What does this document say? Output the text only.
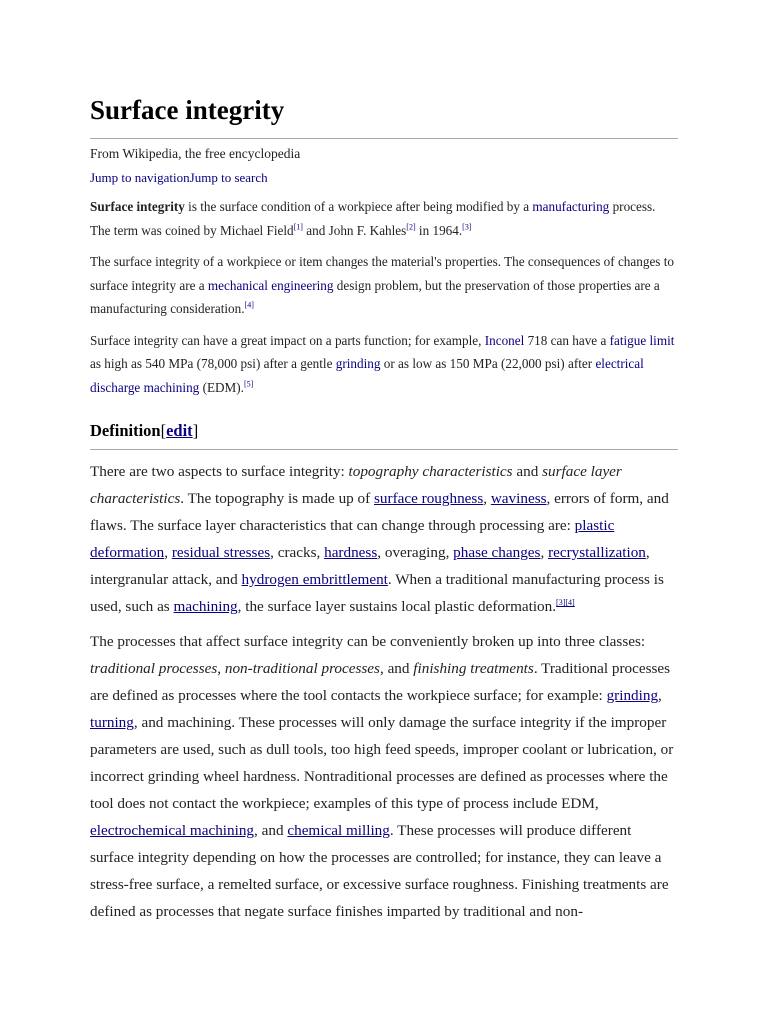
Surface integrity
From Wikipedia, the free encyclopedia
Jump to navigationJump to search

Surface integrity is the surface condition of a workpiece after being modified by a manufacturing process. The term was coined by Michael Field[1] and John F. Kahles[2] in 1964.[3]

The surface integrity of a workpiece or item changes the material's properties. The consequences of changes to surface integrity are a mechanical engineering design problem, but the preservation of those properties are a manufacturing consideration.[4]

Surface integrity can have a great impact on a parts function; for example, Inconel 718 can have a fatigue limit as high as 540 MPa (78,000 psi) after a gentle grinding or as low as 150 MPa (22,000 psi) after electrical discharge machining (EDM).[5]

Definition[edit]

There are two aspects to surface integrity: topography characteristics and surface layer characteristics. The topography is made up of surface roughness, waviness, errors of form, and flaws. The surface layer characteristics that can change through processing are: plastic deformation, residual stresses, cracks, hardness, overaging, phase changes, recrystallization, intergranular attack, and hydrogen embrittlement. When a traditional manufacturing process is used, such as machining, the surface layer sustains local plastic deformation.[3][4]

The processes that affect surface integrity can be conveniently broken up into three classes: traditional processes, non-traditional processes, and finishing treatments. Traditional processes are defined as processes where the tool contacts the workpiece surface; for example: grinding, turning, and machining. These processes will only damage the surface integrity if the improper parameters are used, such as dull tools, too high feed speeds, improper coolant or lubrication, or incorrect grinding wheel hardness. Nontraditional processes are defined as processes where the tool does not contact the workpiece; examples of this type of process include EDM, electrochemical machining, and chemical milling. These processes will produce different surface integrity depending on how the processes are controlled; for instance, they can leave a stress-free surface, a remelted surface, or excessive surface roughness. Finishing treatments are defined as processes that negate surface finishes imparted by traditional and non-
